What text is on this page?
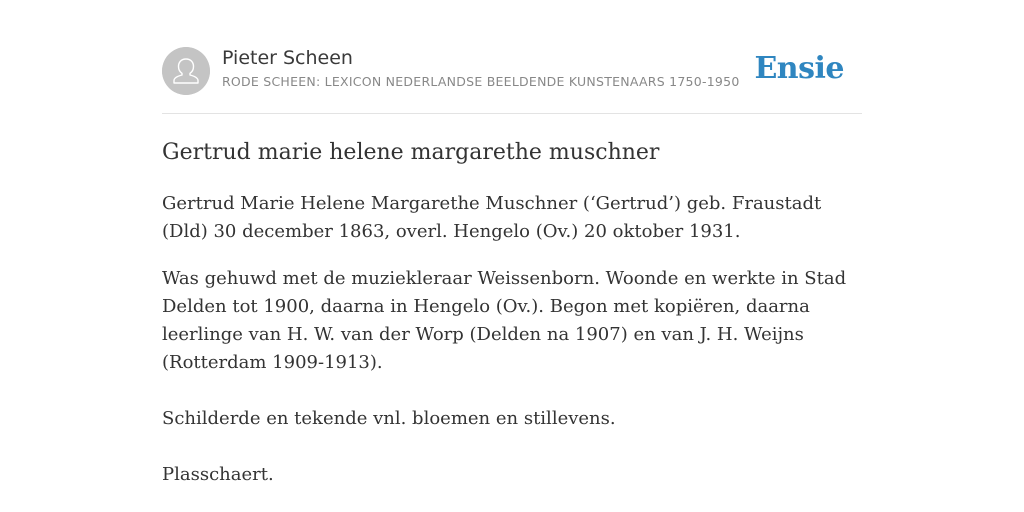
Pieter Scheen
RODE SCHEEN: LEXICON NEDERLANDSE BEELDENDE KUNSTENAARS 1750-1950 Ensie
Gertrud marie helene margarethe muschner

Gertrud Marie Helene Margarethe Muschner (‘Gertrud’) geb. Fraustadt (Dld) 30 december 1863, overl. Hengelo (Ov.) 20 oktober 1931.

Was gehuwd met de muziekleraar Weissenborn. Woonde en werkte in Stad Delden tot 1900, daarna in Hengelo (Ov.). Begon met kopiëren, daarna leerlinge van H. W. van der Worp (Delden na 1907) en van J. H. Weijns (Rotterdam 1909-1913).

Schilderde en tekende vnl. bloemen en stillevens.

Plasschaert.
